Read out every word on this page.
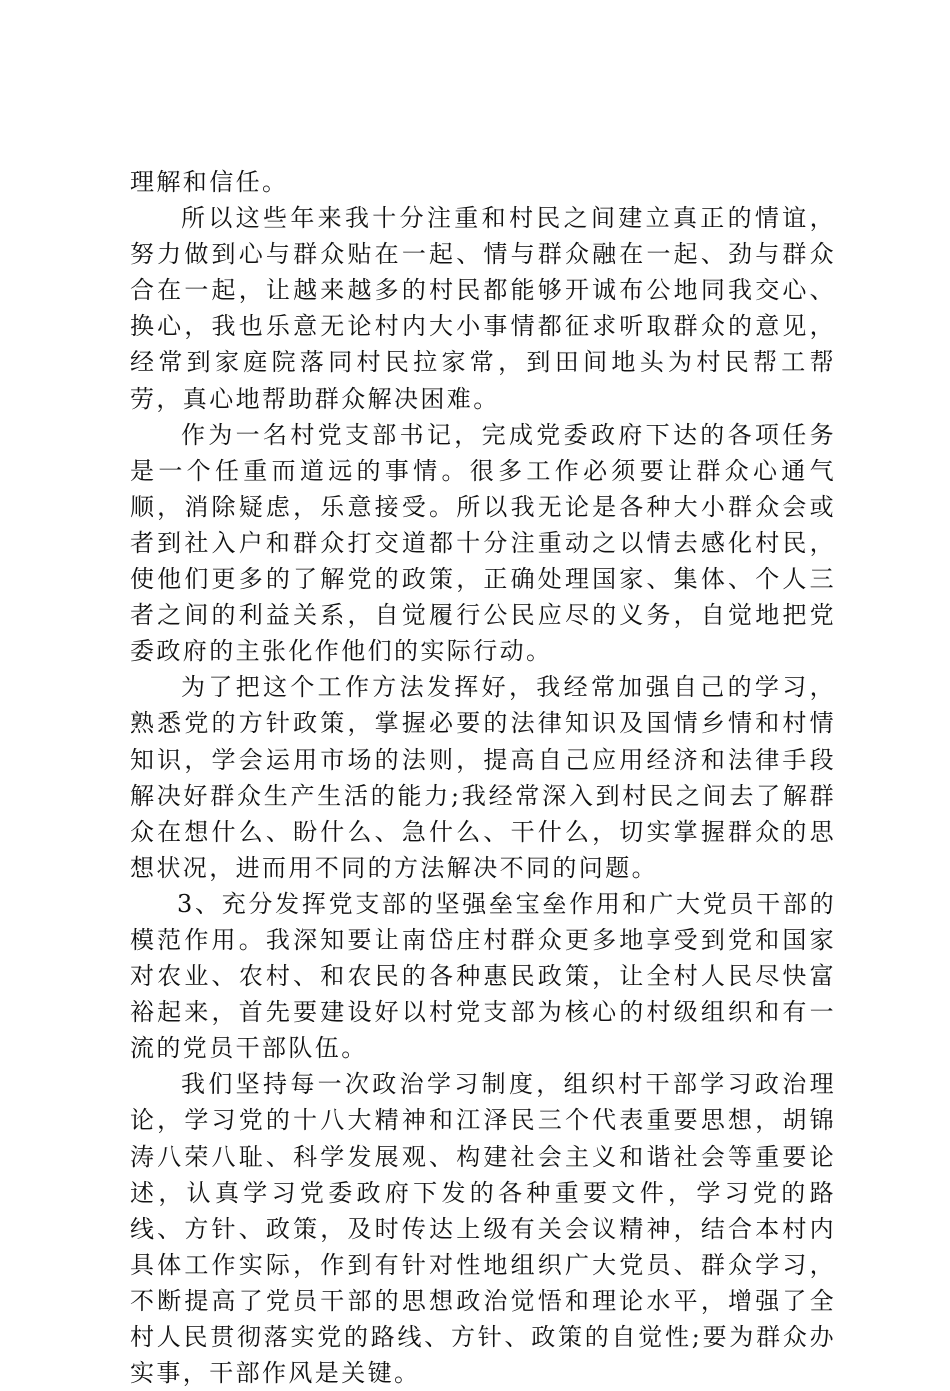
理解和信任。

所以这些年来我十分注重和村民之间建立真正的情谊，努力做到心与群众贴在一起、情与群众融在一起、劲与群众合在一起，让越来越多的村民都能够开诚布公地同我交心、换心，我也乐意无论村内大小事情都征求听取群众的意见，经常到家庭院落同村民拉家常，到田间地头为村民帮工帮劳，真心地帮助群众解决困难。

作为一名村党支部书记，完成党委政府下达的各项任务是一个任重而道远的事情。很多工作必须要让群众心通气顺，消除疑虑，乐意接受。所以我无论是各种大小群众会或者到社入户和群众打交道都十分注重动之以情去感化村民，使他们更多的了解党的政策，正确处理国家、集体、个人三者之间的利益关系，自觉履行公民应尽的义务，自觉地把党委政府的主张化作他们的实际行动。

为了把这个工作方法发挥好，我经常加强自己的学习，熟悉党的方针政策，掌握必要的法律知识及国情乡情和村情知识，学会运用市场的法则，提高自己应用经济和法律手段解决好群众生产生活的能力;我经常深入到村民之间去了解群众在想什么、盼什么、急什么、干什么，切实掌握群众的思想状况，进而用不同的方法解决不同的问题。

3、充分发挥党支部的坚强垒宝垒作用和广大党员干部的模范作用。我深知要让南岱庄村群众更多地享受到党和国家对农业、农村、和农民的各种惠民政策，让全村人民尽快富裕起来，首先要建设好以村党支部为核心的村级组织和有一流的党员干部队伍。

我们坚持每一次政治学习制度，组织村干部学习政治理论，学习党的十八大精神和江泽民三个代表重要思想，胡锦涛八荣八耻、科学发展观、构建社会主义和谐社会等重要论述，认真学习党委政府下发的各种重要文件，学习党的路线、方针、政策，及时传达上级有关会议精神，结合本村内具体工作实际，作到有针对性地组织广大党员、群众学习，不断提高了党员干部的思想政治觉悟和理论水平，增强了全村人民贯彻落实党的路线、方针、政策的自觉性;要为群众办实事，干部作风是关键。
